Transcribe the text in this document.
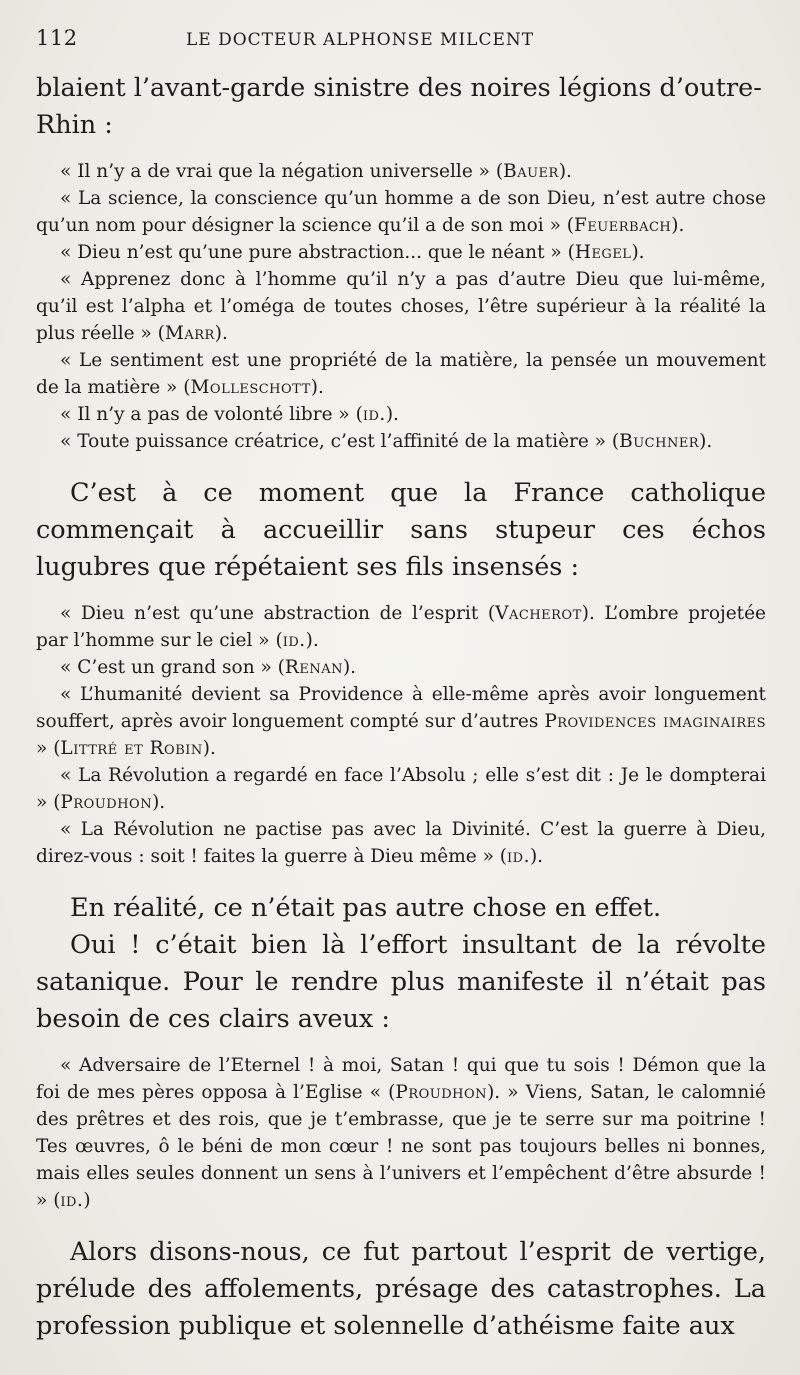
112	LE DOCTEUR ALPHONSE MILCENT

blaient l’avant-garde sinistre des noires légions d’outre-

Rhin :

« Il n’y a de vrai que la négation universelle » (Bauer).

« La science, la conscience qu’un homme a de son Dieu, n’est autre chose qu’un nom pour désigner la science qu’il a de son moi » (Feuerbach).

« Dieu n’est qu’une pure abstraction... que le néant » (Hegel).

« Apprenez donc à l’homme qu’il n’y a pas d’autre Dieu que lui-même, qu’il est l’alpha et l’oméga de toutes choses, l’être supérieur à la réalité la plus réelle » (Marr).

« Le sentiment est une propriété de la matière, la pensée un mouvement de la matière » (Molleschott).

« Il n’y a pas de volonté libre » (id.).

« Toute puissance créatrice, c’est l’affinité de la matière » (Buchner).

C’est à ce moment que la France catholique commençait à accueillir sans stupeur ces échos lugubres que répétaient ses fils insensés :

« Dieu n’est qu’une abstraction de l’esprit (Vacherot). L’ombre projetée par l’homme sur le ciel » (id.).

« C’est un grand son » (Renan).

« L’humanité devient sa Providence à elle-même après avoir longuement souffert, après avoir longuement compté sur d’autres Providences imaginaires » (Littré et Robin).

« La Révolution a regardé en face l’Absolu ; elle s’est dit : Je le dompterai » (Proudhon).

« La Révolution ne pactise pas avec la Divinité. C’est la guerre à Dieu, direz-vous : soit ! faites la guerre à Dieu même » (id.).

En réalité, ce n’était pas autre chose en effet.

Oui ! c’était bien là l’effort insultant de la révolte satanique. Pour le rendre plus manifeste il n’était pas besoin de ces clairs aveux :

« Adversaire de l’Eternel ! à moi, Satan ! qui que tu sois ! Démon que la foi de mes pères opposa à l’Eglise « (Proudhon). » Viens, Satan, le calomnié des prêtres et des rois, que je t’embrasse, que je te serre sur ma poitrine ! Tes œuvres, ô le béni de mon cœur ! ne sont pas toujours belles ni bonnes, mais elles seules donnent un sens à l’univers et l’empêchent d’être absurde ! » (id.)

Alors disons-nous, ce fut partout l’esprit de vertige, prélude des affolements, présage des catastrophes. La profession publique et solennelle d’athéisme faite aux
